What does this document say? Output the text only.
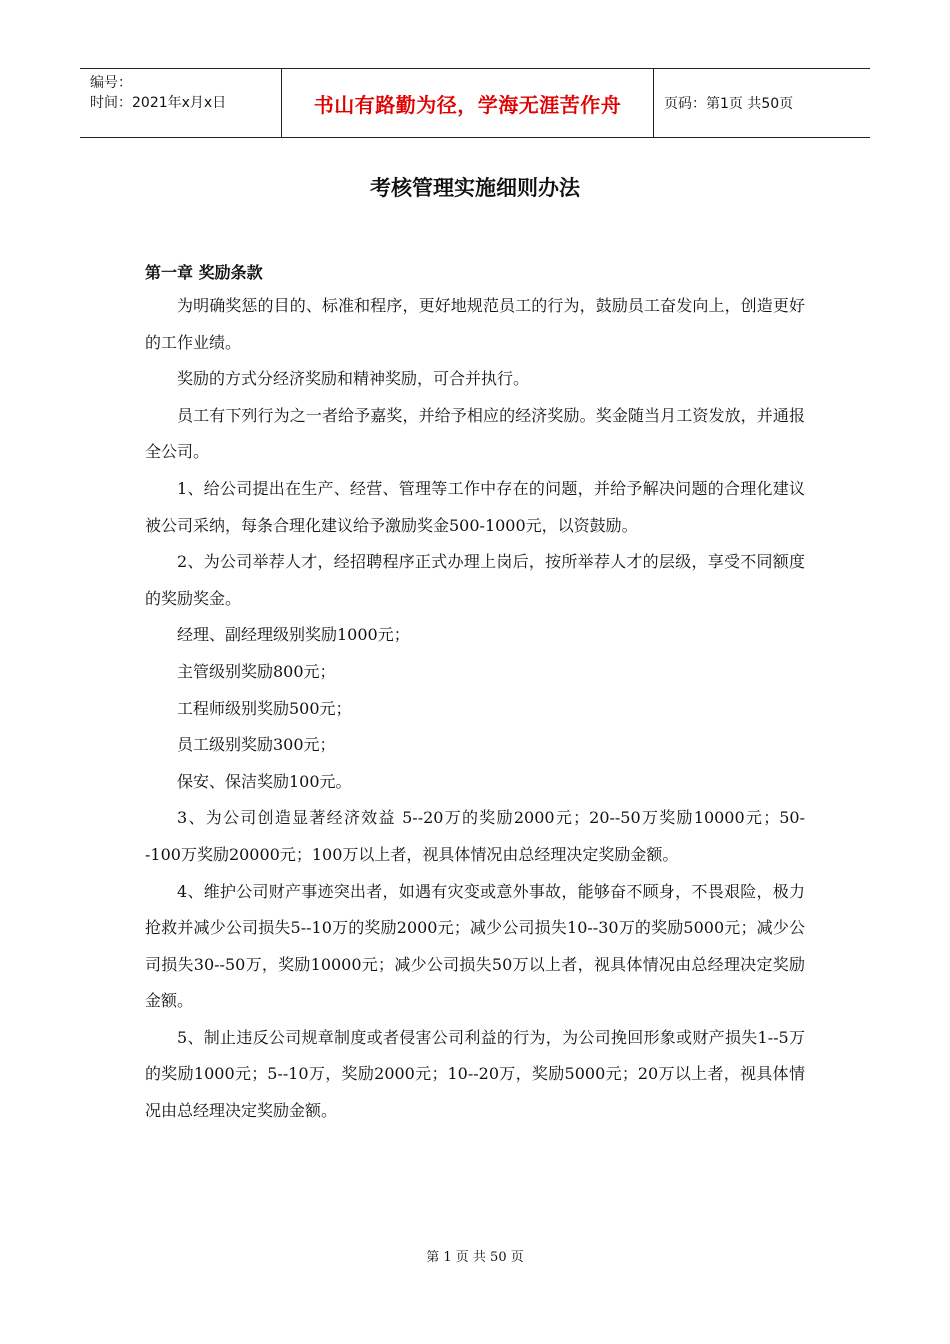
编号：
时间：2021年x月x日	书山有路勤为径，学海无涯苦作舟	页码：第1页 共50页
考核管理实施细则办法
第一章 奖励条款

为明确奖惩的目的、标准和程序，更好地规范员工的行为，鼓励员工奋发向上，创造更好的工作业绩。

奖励的方式分经济奖励和精神奖励，可合并执行。

员工有下列行为之一者给予嘉奖，并给予相应的经济奖励。奖金随当月工资发放，并通报全公司。

1、给公司提出在生产、经营、管理等工作中存在的问题，并给予解决问题的合理化建议被公司采纳，每条合理化建议给予激励奖金500-1000元，以资鼓励。

2、为公司举荐人才，经招聘程序正式办理上岗后，按所举荐人才的层级，享受不同额度的奖励奖金。

经理、副经理级别奖励1000元；

主管级别奖励800元；

工程师级别奖励500元；

员工级别奖励300元；

保安、保洁奖励100元。

3、为公司创造显著经济效益 5--20万的奖励2000元；20--50万奖励10000元；50--100万奖励20000元；100万以上者，视具体情况由总经理决定奖励金额。

4、维护公司财产事迹突出者，如遇有灾变或意外事故，能够奋不顾身，不畏艰险，极力抢救并减少公司损失5--10万的奖励2000元；减少公司损失10--30万的奖励5000元；减少公司损失30--50万，奖励10000元；减少公司损失50万以上者，视具体情况由总经理决定奖励金额。

5、制止违反公司规章制度或者侵害公司利益的行为，为公司挽回形象或财产损失1--5万的奖励1000元；5--10万，奖励2000元；10--20万，奖励5000元；20万以上者，视具体情况由总经理决定奖励金额。

第 1 页 共 50 页
